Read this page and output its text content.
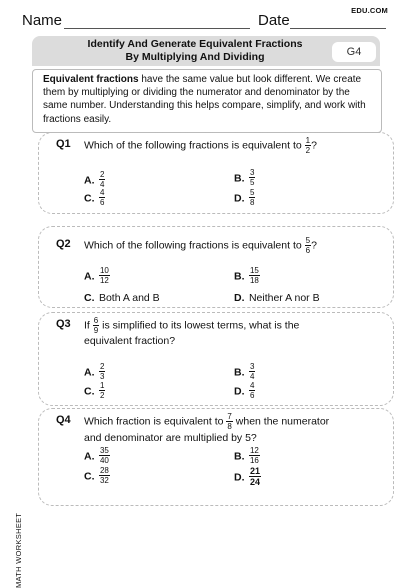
Name	Date
EDU.COM
Identify And Generate Equivalent Fractions
By Multiplying And Dividing	G4
Equivalent fractions have the same value but look different. We create them by multiplying or dividing the numerator and denominator by the same number. Understanding this helps compare, simplify, and work with fractions easily.
MATH WORKSHEET
Q1 Which of the following fractions is equivalent to $\frac{1}{2}$ ?
A. $\frac{2}{4}$	B. $\frac{3}{5}$
C. $\frac{4}{6}$	D. $\frac{5}{8}$
Q2 Which of the following fractions is equivalent to $\frac{5}{6}$ ?
A. $\frac{10}{12}$	B. $\frac{15}{18}$
C. Both A and B	D. Neither A nor B
Q3 If $\frac{6}{9}$ is simplified to its lowest terms, what is the
equivalent fraction?
A. $\frac{2}{3}$	B. $\frac{3}{4}$
C. $\frac{1}{2}$	D. $\frac{4}{6}$
Q4 Which fraction is equivalent to $\frac{7}{8}$ when the numerator
and denominator are multiplied by 5?
A. $\frac{35}{40}$	B. $\frac{12}{16}$
C. $\frac{28}{32}$	D. $\frac{21}{24}$
